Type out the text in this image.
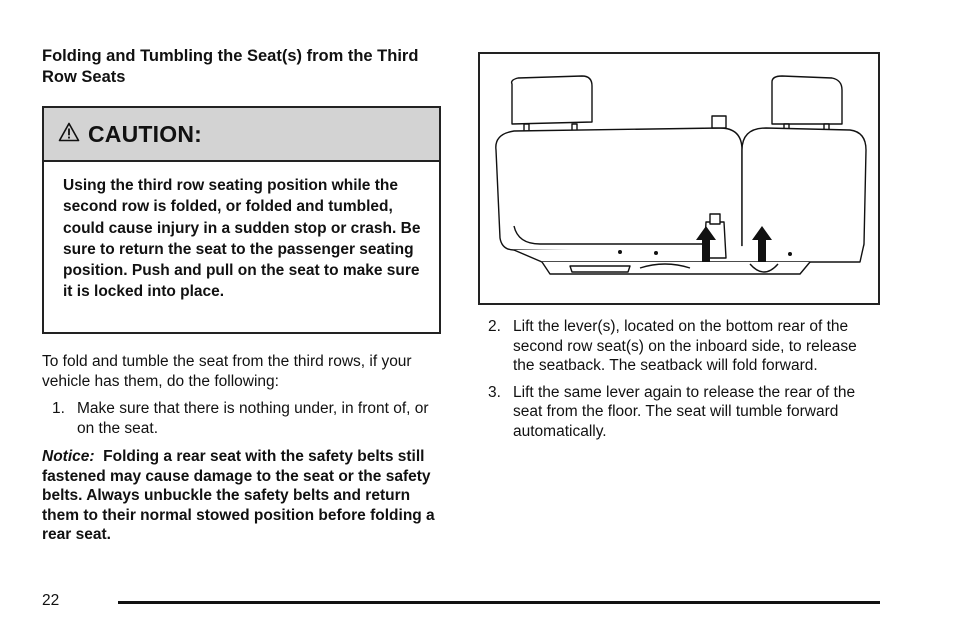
Folding and Tumbling the Seat(s) from the Third Row Seats
CAUTION:
Using the third row seating position while the second row is folded, or folded and tumbled, could cause injury in a sudden stop or crash. Be sure to return the seat to the passenger seating position. Push and pull on the seat to make sure it is locked into place.
To fold and tumble the seat from the third rows, if your vehicle has them, do the following:
1. Make sure that there is nothing under, in front of, or on the seat.
Notice: Folding a rear seat with the safety belts still fastened may cause damage to the seat or the safety belts. Always unbuckle the safety belts and return them to their normal stowed position before folding a rear seat.
2. Lift the lever(s), located on the bottom rear of the second row seat(s) on the inboard side, to release the seatback. The seatback will fold forward.
3. Lift the same lever again to release the rear of the seat from the floor. The seat will tumble forward automatically.
22
